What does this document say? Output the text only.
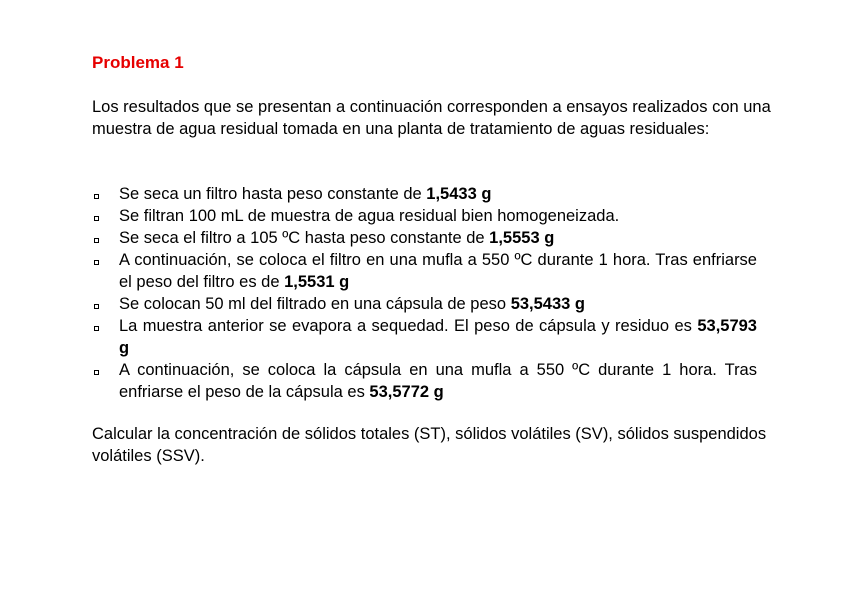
Problema 1
Los resultados que se presentan a continuación corresponden a ensayos realizados con una muestra de agua residual tomada en una planta de tratamiento de aguas residuales:
Se seca un filtro hasta peso constante de 1,5433 g
Se filtran 100 mL de muestra de agua residual bien homogeneizada.
Se seca el filtro a 105 ºC hasta peso constante de 1,5553 g
A continuación, se coloca el filtro en una mufla a 550 ºC durante 1 hora. Tras enfriarse el peso del filtro es de 1,5531 g
Se colocan 50 ml del filtrado en una cápsula de peso 53,5433 g
La muestra anterior se evapora a sequedad. El peso de cápsula y residuo es 53,5793 g
A continuación, se coloca la cápsula en una mufla a 550 ºC durante 1 hora. Tras enfriarse el peso de la cápsula es 53,5772 g
Calcular la concentración de sólidos totales (ST), sólidos volátiles (SV), sólidos suspendidos volátiles (SSV).
